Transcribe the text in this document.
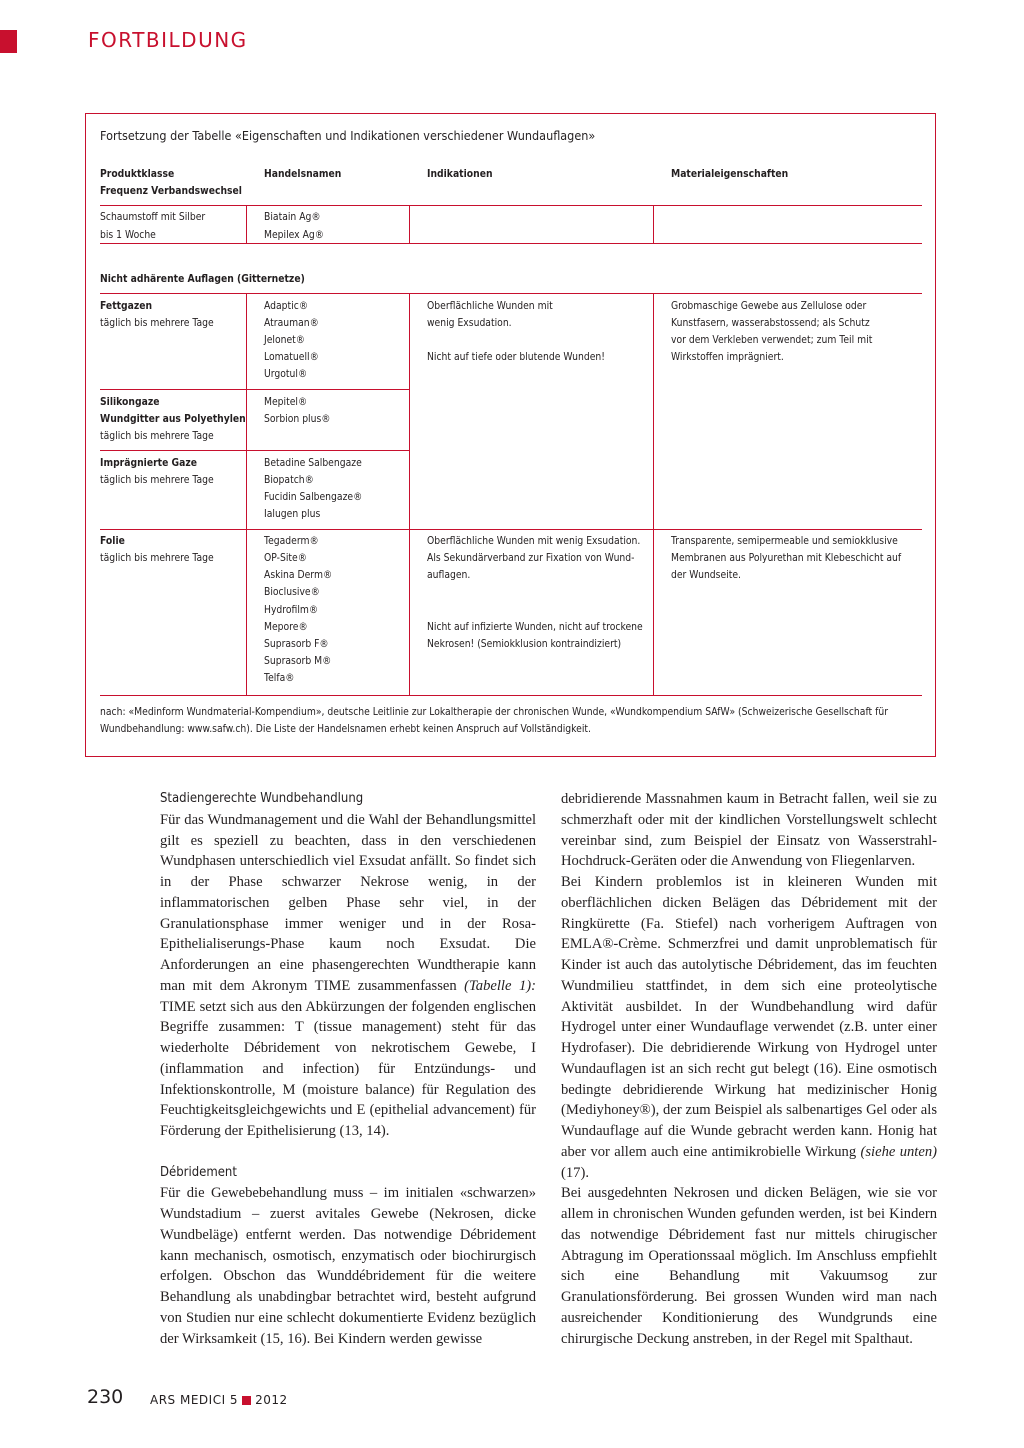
FORTBILDUNG
Fortsetzung der Tabelle «Eigenschaften und Indikationen verschiedener Wundauflagen»
Produktklasse
Frequenz Verbandswechsel
Handelsnamen	Indikationen	Materialeigenschaften
Schaumstoff mit Silber
bis 1 Woche
Biatain Ag®
Mepilex Ag®
Nicht adhärente Auflagen (Gitternetze)
Fettgazen
täglich bis mehrere Tage
Adaptic®
Atrauman®
Jelonet®
Lomatuell®
Urgotul®
Oberflächliche Wunden mit
wenig Exsudation.
Nicht auf tiefe oder blutende Wunden!
Grobmaschige Gewebe aus Zellulose oder
Kunstfasern, wasserabstossend; als Schutz
vor dem Verkleben verwendet; zum Teil mit
Wirkstoffen imprägniert.
Silikongaze
Wundgitter aus Polyethylen
täglich bis mehrere Tage
Mepitel®
Sorbion plus®
Imprägnierte Gaze
täglich bis mehrere Tage
Betadine Salbengaze
Biopatch®
Fucidin Salbengaze®
Ialugen plus
Folie
täglich bis mehrere Tage
Tegaderm®
OP-Site®
Askina Derm®
Bioclusive®
Hydrofilm®
Mepore®
Suprasorb F®
Suprasorb M®
Telfa®
Oberflächliche Wunden mit wenig Exsudation.
Als Sekundärverband zur Fixation von Wund-
auflagen.
Nicht auf infizierte Wunden, nicht auf trockene
Nekrosen! (Semiokklusion kontraindiziert)
Transparente, semipermeable und semiokklusive
Membranen aus Polyurethan mit Klebeschicht auf
der Wundseite.
nach: «Medinform Wundmaterial-Kompendium», deutsche Leitlinie zur Lokaltherapie der chronischen Wunde, «Wundkompendium SAfW» (Schweizerische Gesellschaft für
Wundbehandlung: www.safw.ch). Die Liste der Handelsnamen erhebt keinen Anspruch auf Vollständigkeit.
Stadiengerechte Wundbehandlung

Für das Wundmanagement und die Wahl der Behandlungsmittel gilt es speziell zu beachten, dass in den verschiedenen Wundphasen unterschiedlich viel Exsudat anfällt. So findet sich in der Phase schwarzer Nekrose wenig, in der inflammatorischen gelben Phase sehr viel, in der Granulationsphase immer weniger und in der Rosa-Epithelialiserungs-Phase kaum noch Exsudat. Die Anforderungen an eine phasengerechten Wundtherapie kann man mit dem Akronym TIME zusammenfassen (Tabelle 1): TIME setzt sich aus den Abkürzungen der folgenden englischen Begriffe zusammen: T (tissue management) steht für das wiederholte Débridement von nekrotischem Gewebe, I (inflammation and infection) für Entzündungs- und Infektionskontrolle, M (moisture balance) für Regulation des Feuchtigkeitsgleichgewichts und E (epithelial advancement) für Förderung der Epithelisierung (13, 14).

Débridement

Für die Gewebebehandlung muss – im initialen «schwarzen» Wundstadium – zuerst avitales Gewebe (Nekrosen, dicke Wundbeläge) entfernt werden. Das notwendige Débridement kann mechanisch, osmotisch, enzymatisch oder biochirurgisch erfolgen. Obschon das Wunddébridement für die weitere Behandlung als unabdingbar betrachtet wird, besteht aufgrund von Studien nur eine schlecht dokumentierte Evidenz bezüglich der Wirksamkeit (15, 16). Bei Kindern werden gewisse

debridierende Massnahmen kaum in Betracht fallen, weil sie zu schmerzhaft oder mit der kindlichen Vorstellungswelt schlecht vereinbar sind, zum Beispiel der Einsatz von Wasserstrahl-Hochdruck-Geräten oder die Anwendung von Fliegenlarven.

Bei Kindern problemlos ist in kleineren Wunden mit oberflächlichen dicken Belägen das Débridement mit der Ringkürette (Fa. Stiefel) nach vorherigem Auftragen von EMLA®-Crème. Schmerzfrei und damit unproblematisch für Kinder ist auch das autolytische Débridement, das im feuchten Wundmilieu stattfindet, in dem sich eine proteolytische Aktivität ausbildet. In der Wundbehandlung wird dafür Hydrogel unter einer Wundauflage verwendet (z.B. unter einer Hydrofaser). Die debridierende Wirkung von Hydrogel unter Wundauflagen ist an sich recht gut belegt (16). Eine osmotisch bedingte debridierende Wirkung hat medizinischer Honig (Mediyhoney®), der zum Beispiel als salbenartiges Gel oder als Wundauflage auf die Wunde gebracht werden kann. Honig hat aber vor allem auch eine antimikrobielle Wirkung (siehe unten) (17).

Bei ausgedehnten Nekrosen und dicken Belägen, wie sie vor allem in chronischen Wunden gefunden werden, ist bei Kindern das notwendige Débridement fast nur mittels chirugischer Abtragung im Operationssaal möglich. Im Anschluss empfiehlt sich eine Behandlung mit Vakuumsog zur Granulationsförderung. Bei grossen Wunden wird man nach ausreichender Konditionierung des Wundgrunds eine chirurgische Deckung anstreben, in der Regel mit Spalthaut.

230 ARS MEDICI 5 2012
